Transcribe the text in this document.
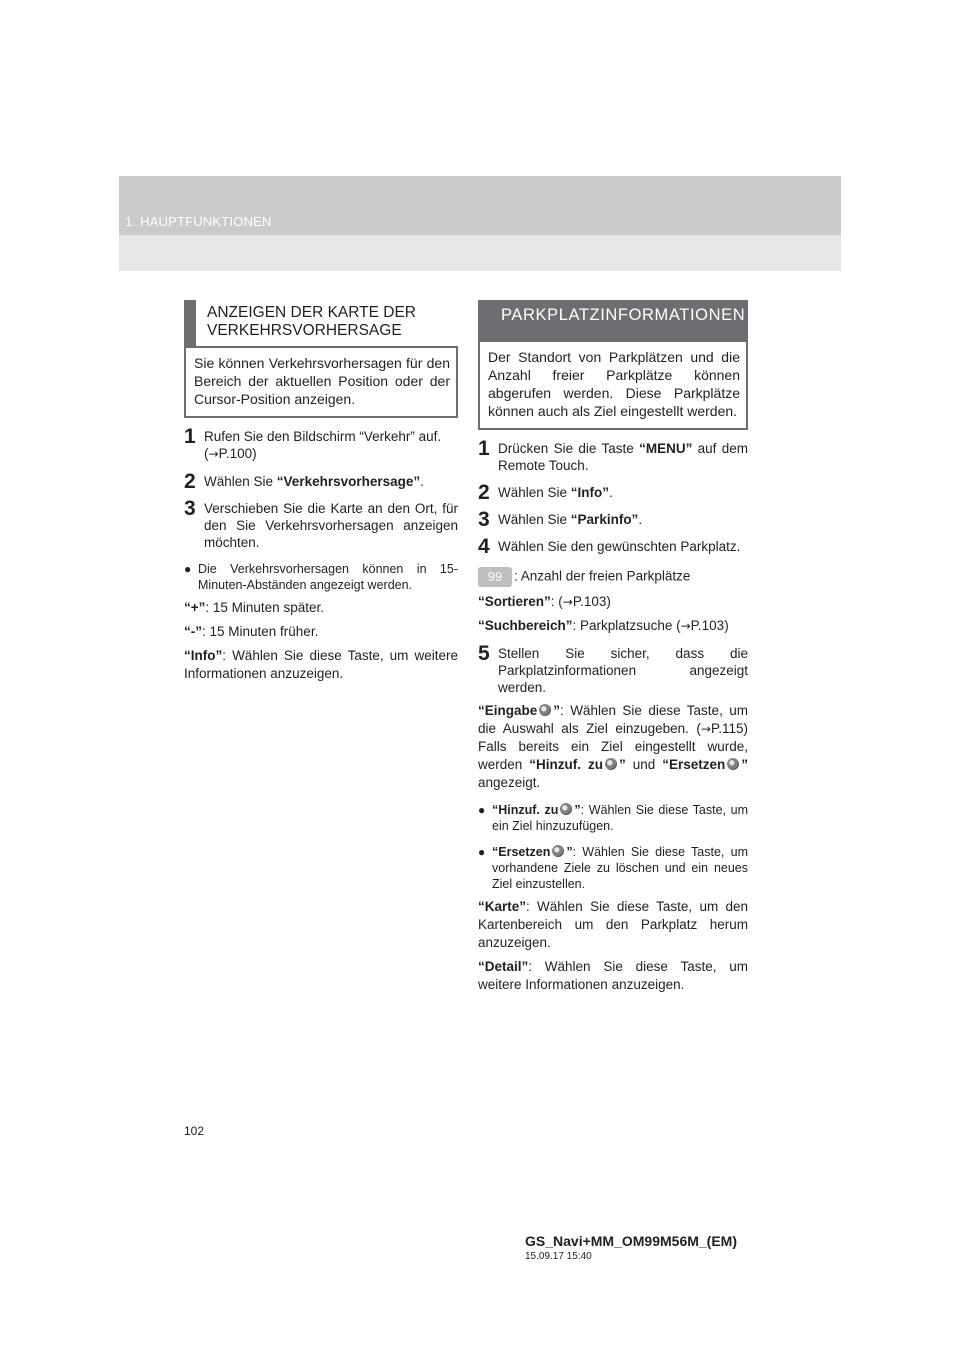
1. HAUPTFUNKTIONEN
ANZEIGEN DER KARTE DER VERKEHRSVORHERSAGE
Sie können Verkehrsvorhersagen für den Bereich der aktuellen Position oder der Cursor-Position anzeigen.
1 Rufen Sie den Bildschirm “Verkehr” auf.
(→P.100)
2 Wählen Sie “Verkehrsvorhersage”.
3 Verschieben Sie die Karte an den Ort, für den Sie Verkehrsvorhersagen anzeigen möchten.
● Die Verkehrsvorhersagen können in 15-Minuten-Abständen angezeigt werden.
“+”: 15 Minuten später.
“-”: 15 Minuten früher.
“Info”: Wählen Sie diese Taste, um weitere Informationen anzuzeigen.
PARKPLATZINFORMATIONEN
Der Standort von Parkplätzen und die Anzahl freier Parkplätze können abgerufen werden. Diese Parkplätze können auch als Ziel eingestellt werden.
1 Drücken Sie die Taste “MENU” auf dem Remote Touch.
2 Wählen Sie “Info”.
3 Wählen Sie “Parkinfo”.
4 Wählen Sie den gewünschten Parkplatz.
99 : Anzahl der freien Parkplätze
“Sortieren”: (→P.103)
“Suchbereich”: Parkplatzsuche (→P.103)
5 Stellen Sie sicher, dass die Parkplatzinformationen angezeigt werden.
“Eingabe ”: Wählen Sie diese Taste, um die Auswahl als Ziel einzugeben. (→P.115) Falls bereits ein Ziel eingestellt wurde, werden “Hinzuf. zu ” und “Ersetzen ” angezeigt.
● “Hinzuf. zu ”: Wählen Sie diese Taste, um ein Ziel hinzuzufügen.
● “Ersetzen ”: Wählen Sie diese Taste, um vorhandene Ziele zu löschen und ein neues Ziel einzustellen.
“Karte”: Wählen Sie diese Taste, um den Kartenbereich um den Parkplatz herum anzuzeigen.
“Detail”: Wählen Sie diese Taste, um weitere Informationen anzuzeigen.
102
GS_Navi+MM_OM99M56M_(EM)
15.09.17 15:40
